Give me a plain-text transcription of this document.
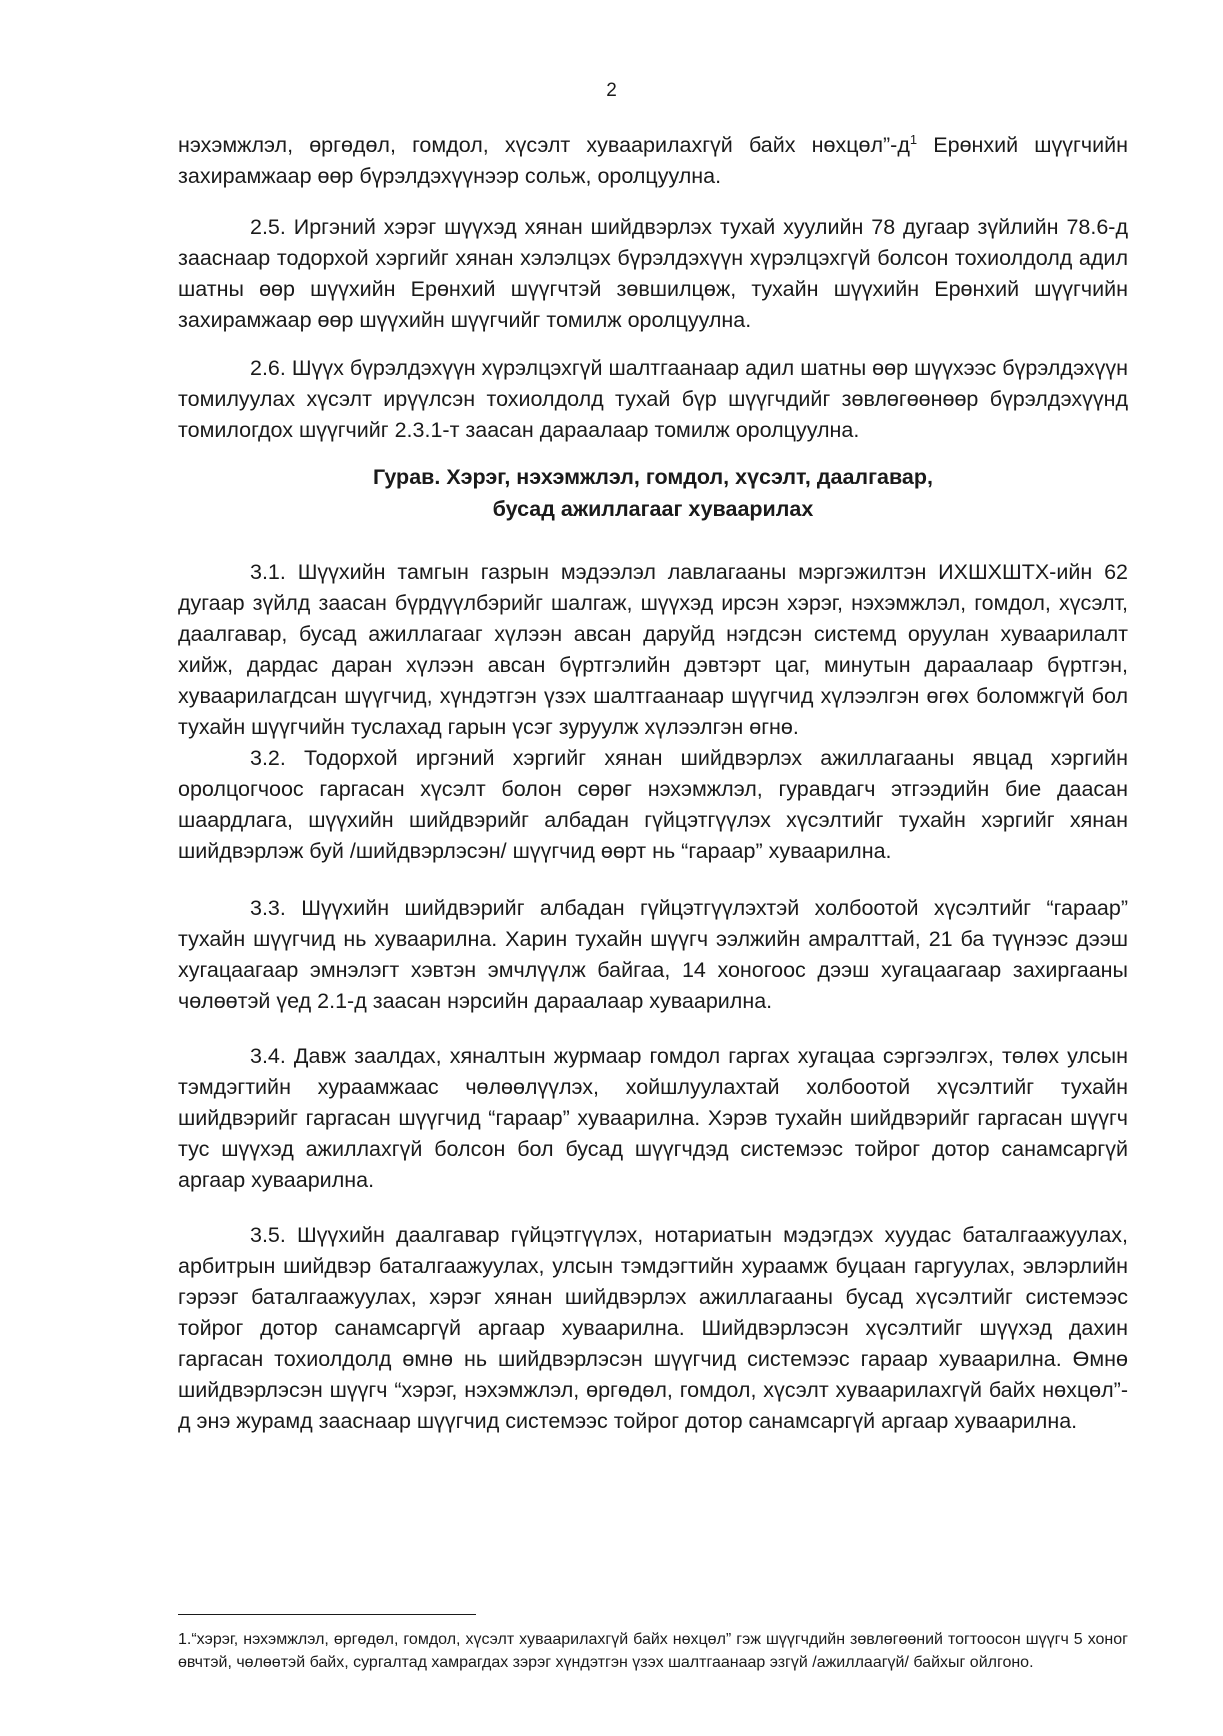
2

нэхэмжлэл, өргөдөл, гомдол, хүсэлт хуваарилахгүй байх $нөхцөл”-д^1$ Ерөнхий шүүгчийн захирамжаар өөр бүрэлдэхүүнээр сольж, оролцуулна.

2.5. Иргэний хэрэг шүүхэд хянан шийдвэрлэх тухай хуулийн 78 дугаар зүйлийн 78.6-д зааснаар тодорхой хэргийг хянан хэлэлцэх бүрэлдэхүүн хүрэлцэхгүй болсон тохиолдолд адил шатны өөр шүүхийн Ерөнхий шүүгчтэй зөвшилцөж, тухайн шүүхийн Ерөнхий шүүгчийн захирамжаар өөр шүүхийн шүүгчийг томилж оролцуулна.

2.6. Шүүх бүрэлдэхүүн хүрэлцэхгүй шалтгаанаар адил шатны өөр шүүхээс бүрэлдэхүүн томилуулах хүсэлт ирүүлсэн тохиолдолд тухай бүр шүүгчдийг зөвлөгөөнөөр бүрэлдэхүүнд томилогдох шүүгчийг 2.3.1-т заасан дараалаар томилж оролцуулна.

Гурав. Хэрэг, нэхэмжлэл, гомдол, хүсэлт, даалгавар,

бусад ажиллагааг хуваарилах

3.1. Шүүхийн тамгын газрын мэдээлэл лавлагааны мэргэжилтэн ИХШХШТХ-ийн 62 дугаар зүйлд заасан бүрдүүлбэрийг шалгаж, шүүхэд ирсэн хэрэг, нэхэмжлэл, гомдол, хүсэлт, даалгавар, бусад ажиллагааг хүлээн авсан даруйд нэгдсэн системд оруулан хуваарилалт хийж, дардас даран хүлээн авсан бүртгэлийн дэвтэрт цаг, минутын дараалаар бүртгэн, хуваарилагдсан шүүгчид, хүндэтгэн үзэх шалтгаанаар шүүгчид хүлээлгэн өгөх боломжгүй бол тухайн шүүгчийн туслахад гарын үсэг зуруулж хүлээлгэн өгнө.

3.2. Тодорхой иргэний хэргийг хянан шийдвэрлэх ажиллагааны явцад хэргийн оролцогчоос гаргасан хүсэлт болон сөрөг нэхэмжлэл, гуравдагч этгээдийн бие даасан шаардлага, шүүхийн шийдвэрийг албадан гүйцэтгүүлэх хүсэлтийг тухайн хэргийг хянан шийдвэрлэж буй /шийдвэрлэсэн/ шүүгчид өөрт нь “гараар” хуваарилна.

3.3. Шүүхийн шийдвэрийг албадан гүйцэтгүүлэхтэй холбоотой хүсэлтийг “гараар” тухайн шүүгчид нь хуваарилна. Харин тухайн шүүгч ээлжийн амралттай, 21 ба түүнээс дээш хугацаагаар эмнэлэгт хэвтэн эмчлүүлж байгаа, 14 хоногоос дээш хугацаагаар захиргааны чөлөөтэй үед 2.1-д заасан нэрсийн дараалаар хуваарилна.

3.4. Давж заалдах, хяналтын журмаар гомдол гаргах хугацаа сэргээлгэх, төлөх улсын тэмдэгтийн хураамжаас чөлөөлүүлэх, хойшлуулахтай холбоотой хүсэлтийг тухайн шийдвэрийг гаргасан шүүгчид “гараар” хуваарилна. Хэрэв тухайн шийдвэрийг гаргасан шүүгч тус шүүхэд ажиллахгүй болсон бол бусад шүүгчдэд системээс тойрог дотор санамсаргүй аргаар хуваарилна.

3.5. Шүүхийн даалгавар гүйцэтгүүлэх, нотариатын мэдэгдэх хуудас баталгаажуулах, арбитрын шийдвэр баталгаажуулах, улсын тэмдэгтийн хураамж буцаан гаргуулах, эвлэрлийн гэрээг баталгаажуулах, хэрэг хянан шийдвэрлэх ажиллагааны бусад хүсэлтийг системээс тойрог дотор санамсаргүй аргаар хуваарилна. Шийдвэрлэсэн хүсэлтийг шүүхэд дахин гаргасан тохиолдолд өмнө нь шийдвэрлэсэн шүүгчид системээс гараар хуваарилна. Өмнө шийдвэрлэсэн шүүгч “хэрэг, нэхэмжлэл, өргөдөл, гомдол, хүсэлт хуваарилахгүй байх нөхцөл”-д энэ журамд зааснаар шүүгчид системээс тойрог дотор санамсаргүй аргаар хуваарилна.

1.“хэрэг, нэхэмжлэл, өргөдөл, гомдол, хүсэлт хуваарилахгүй байх нөхцөл” гэж шүүгчдийн зөвлөгөөний тогтоосон шүүгч 5 хоног өвчтэй, чөлөөтэй байх, сургалтад хамрагдах зэрэг хүндэтгэн үзэх шалтгаанаар эзгүй /ажиллаагүй/ байхыг ойлгоно.
